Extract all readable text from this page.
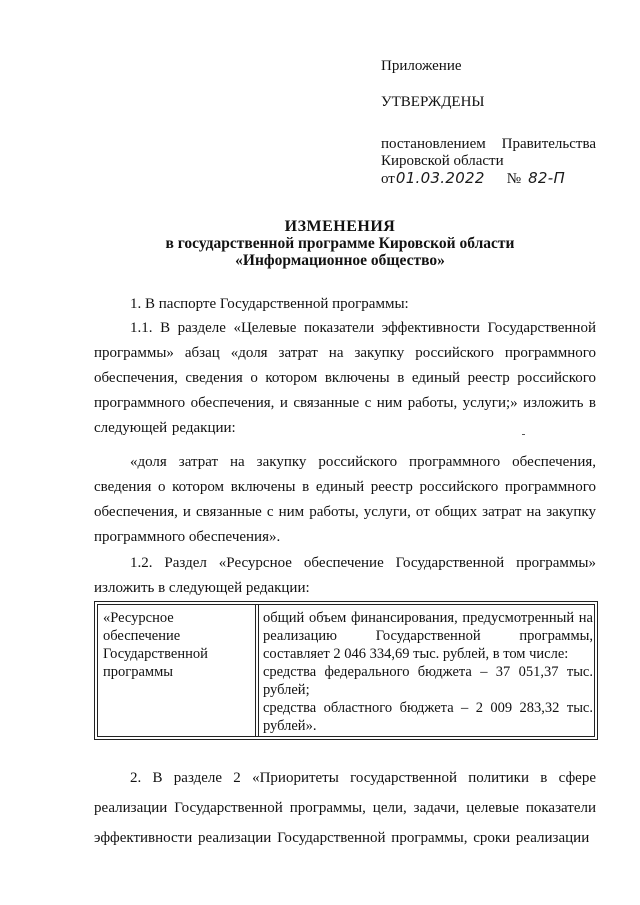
Приложение
УТВЕРЖДЕНЫ
постановлением Правительства
Кировской области
от01.03.2022 № 82-П
ИЗМЕНЕНИЯ
в государственной программе Кировской области
«Информационное общество»

1. В паспорте Государственной программы:

1.1. В разделе «Целевые показатели эффективности Государственной программы» абзац «доля затрат на закупку российского программного обеспечения, сведения о котором включены в единый реестр российского программного обеспечения, и связанные с ним работы, услуги;» изложить в следующей редакции:

«доля затрат на закупку российского программного обеспечения, сведения о котором включены в единый реестр российского программного обеспечения, и связанные с ним работы, услуги, от общих затрат на закупку программного обеспечения».

1.2. Раздел «Ресурсное обеспечение Государственной программы» изложить в следующей редакции:

«Ресурсное
обеспечение
Государственной
программы
общий объем финансирования, предусмотренный на реализацию Государственной программы, составляет 2 046 334,69 тыс. рублей, в том числе:
средства федерального бюджета – 37 051,37 тыс. рублей;
средства областного бюджета – 2 009 283,32 тыс. рублей».

2. В разделе 2 «Приоритеты государственной политики в сфере реализации Государственной программы, цели, задачи, целевые показатели эффективности реализации Государственной программы, сроки реализации
